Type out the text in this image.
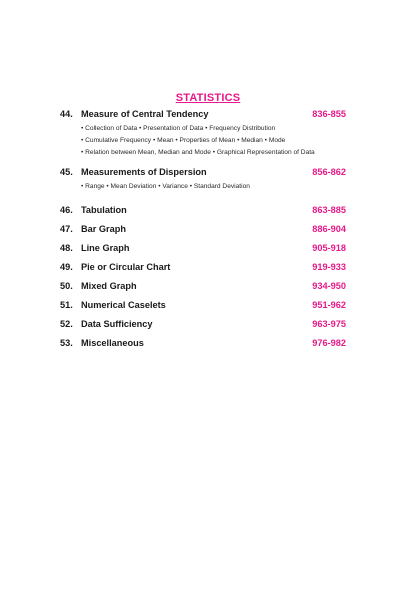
STATISTICS
44. Measure of Central Tendency	836-855
• Collection of Data • Presentation of Data • Frequency Distribution
• Cumulative Frequency • Mean • Properties of Mean • Median • Mode
• Relation between Mean, Median and Mode • Graphical Representation of Data
45. Measurements of Dispersion	856-862
• Range • Mean Deviation • Variance • Standard Deviation
46. Tabulation	863-885
47. Bar Graph	886-904
48. Line Graph	905-918
49. Pie or Circular Chart	919-933
50. Mixed Graph	934-950
51. Numerical Caselets	951-962
52. Data Sufficiency	963-975
53. Miscellaneous	976-982
